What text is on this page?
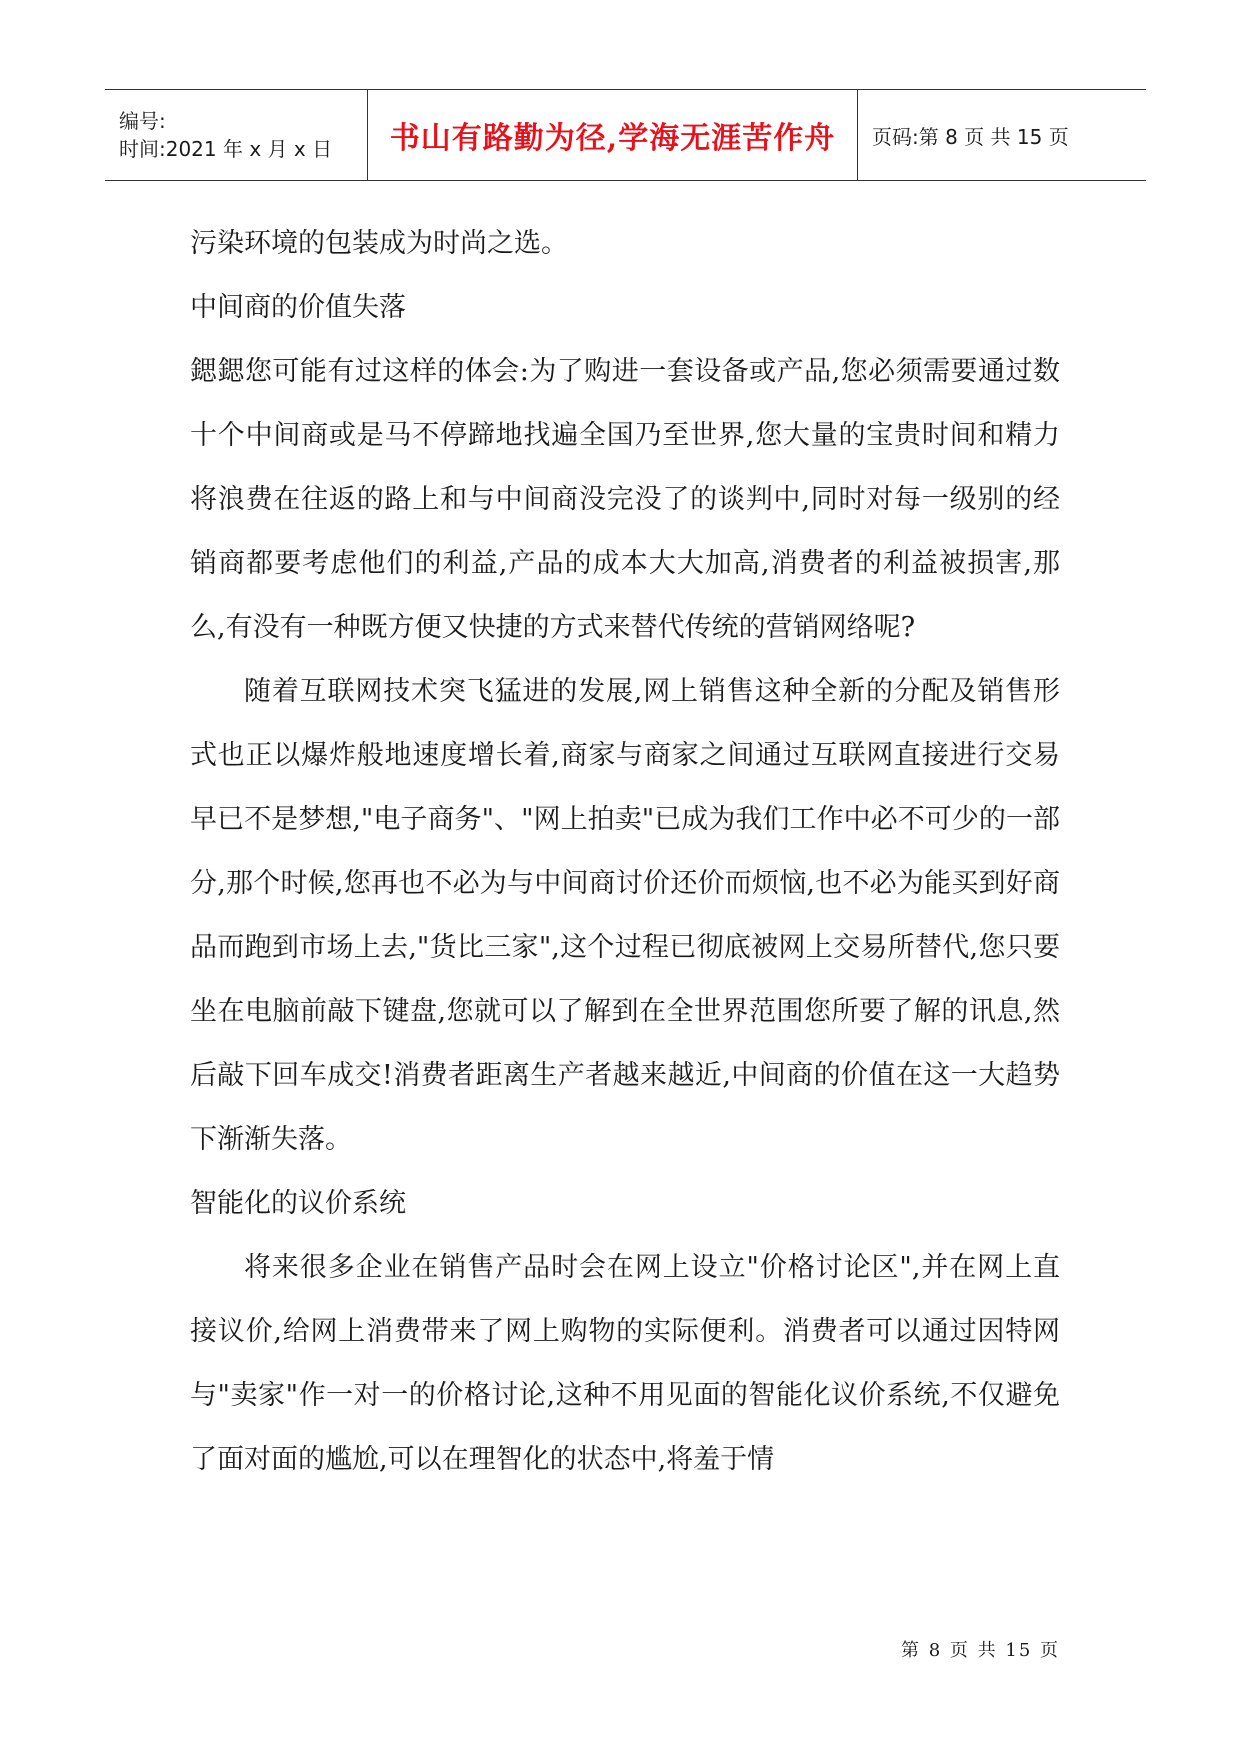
编号:
时间:2021 年 x 月 x 日	书山有路勤为径,学海无涯苦作舟	页码:第 8 页 共 15 页

污染环境的包装成为时尚之选。

中间商的价值失落

鍶鍶您可能有过这样的体会:为了购进一套设备或产品,您必须需要通过数十个中间商或是马不停蹄地找遍全国乃至世界,您大量的宝贵时间和精力将浪费在往返的路上和与中间商没完没了的谈判中,同时对每一级别的经销商都要考虑他们的利益,产品的成本大大加高,消费者的利益被损害,那么,有没有一种既方便又快捷的方式来替代传统的营销网络呢?

随着互联网技术突飞猛进的发展,网上销售这种全新的分配及销售形式也正以爆炸般地速度增长着,商家与商家之间通过互联网直接进行交易早已不是梦想,"电子商务"、"网上拍卖"已成为我们工作中必不可少的一部分,那个时候,您再也不必为与中间商讨价还价而烦恼,也不必为能买到好商品而跑到市场上去,"货比三家",这个过程已彻底被网上交易所替代,您只要坐在电脑前敲下键盘,您就可以了解到在全世界范围您所要了解的讯息,然后敲下回车成交!消费者距离生产者越来越近,中间商的价值在这一大趋势下渐渐失落。

智能化的议价系统

将来很多企业在销售产品时会在网上设立"价格讨论区",并在网上直接议价,给网上消费带来了网上购物的实际便利。消费者可以通过因特网与"卖家"作一对一的价格讨论,这种不用见面的智能化议价系统,不仅避免了面对面的尴尬,可以在理智化的状态中,将羞于情

第 8 页 共 15 页
